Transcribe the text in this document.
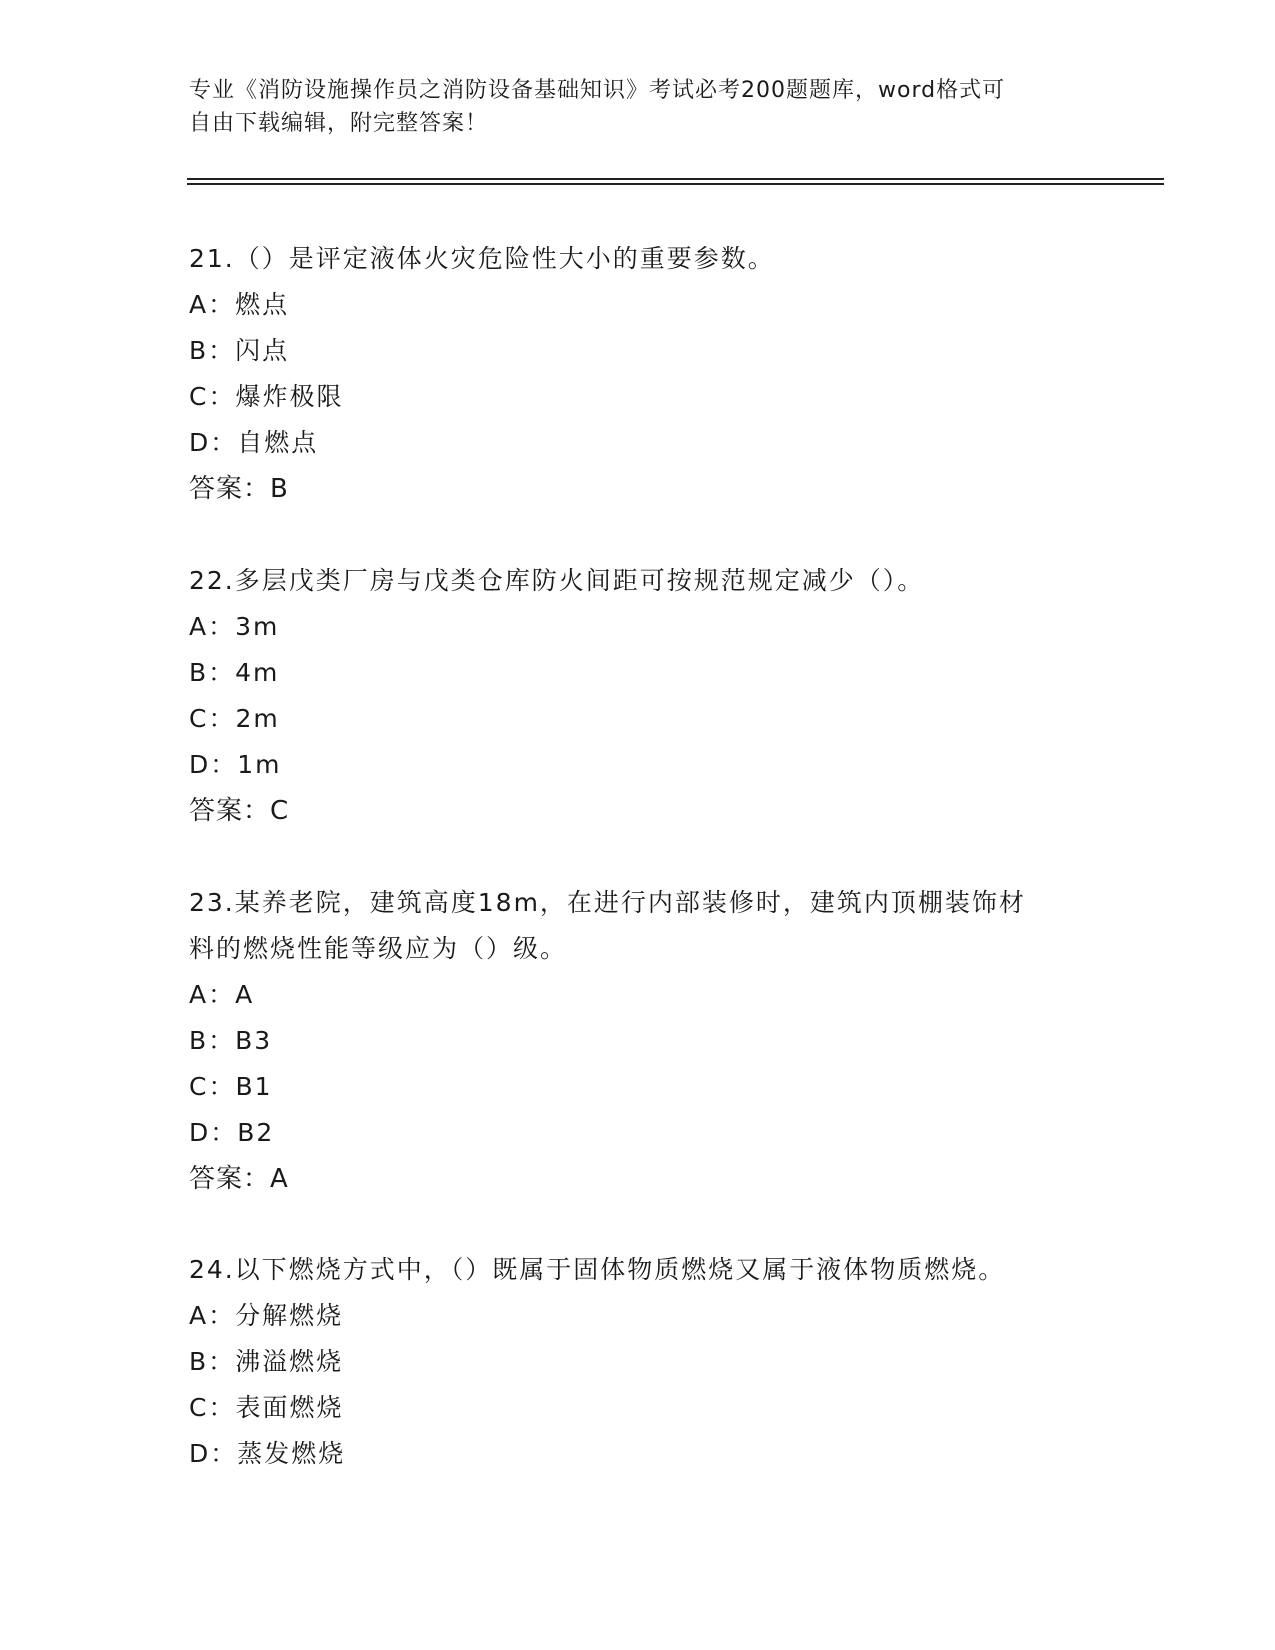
专业《消防设施操作员之消防设备基础知识》考试必考200题题库，word格式可

自由下载编辑，附完整答案！

21.（）是评定液体火灾危险性大小的重要参数。

A：燃点

B：闪点

C：爆炸极限

D：自燃点

答案：B

22.多层戊类厂房与戊类仓库防火间距可按规范规定减少（）。

A：3m

B：4m

C：2m

D：1m

答案：C

23.某养老院，建筑高度18m，在进行内部装修时，建筑内顶棚装饰材

料的燃烧性能等级应为（）级。

A：A

B：B3

C：B1

D：B2

答案：A

24.以下燃烧方式中，（）既属于固体物质燃烧又属于液体物质燃烧。

A：分解燃烧

B：沸溢燃烧

C：表面燃烧

D：蒸发燃烧
